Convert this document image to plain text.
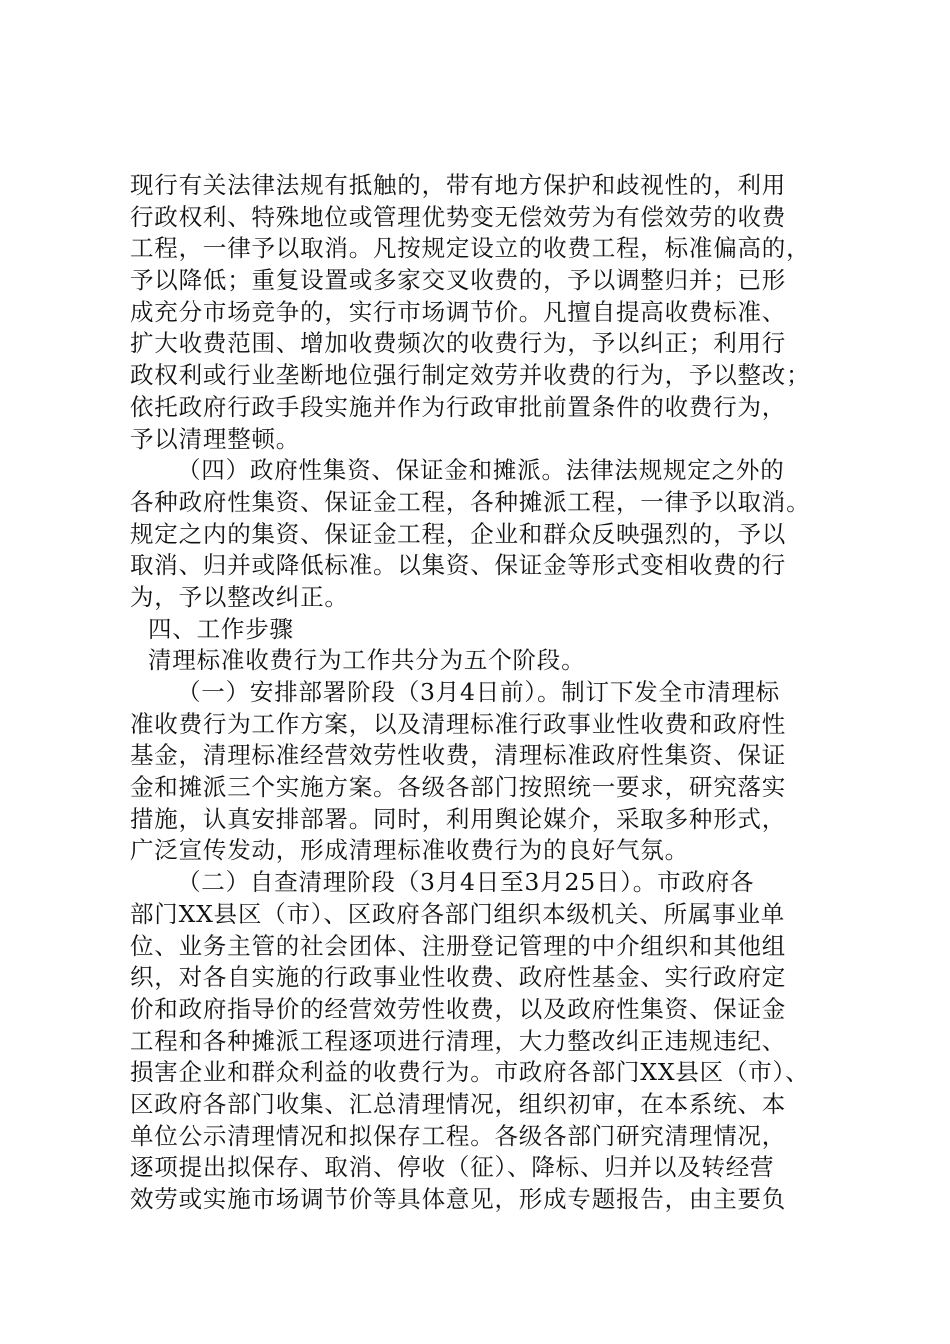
现行有关法律法规有抵触的，带有地方保护和歧视性的，利用
行政权利、特殊地位或管理优势变无偿效劳为有偿效劳的收费
工程，一律予以取消。凡按规定设立的收费工程，标准偏高的，
予以降低；重复设置或多家交叉收费的，予以调整归并；已形
成充分市场竞争的，实行市场调节价。凡擅自提高收费标准、
扩大收费范围、增加收费频次的收费行为，予以纠正；利用行
政权利或行业垄断地位强行制定效劳并收费的行为，予以整改；
依托政府行政手段实施并作为行政审批前置条件的收费行为，
予以清理整顿。
（四）政府性集资、保证金和摊派。法律法规规定之外的
各种政府性集资、保证金工程，各种摊派工程，一律予以取消。
规定之内的集资、保证金工程，企业和群众反映强烈的，予以
取消、归并或降低标准。以集资、保证金等形式变相收费的行
为，予以整改纠正。
四、工作步骤
清理标准收费行为工作共分为五个阶段。
（一）安排部署阶段（3月4日前）。制订下发全市清理标
准收费行为工作方案，以及清理标准行政事业性收费和政府性
基金，清理标准经营效劳性收费，清理标准政府性集资、保证
金和摊派三个实施方案。各级各部门按照统一要求，研究落实
措施，认真安排部署。同时，利用舆论媒介，采取多种形式，
广泛宣传发动，形成清理标准收费行为的良好气氛。
（二）自查清理阶段（3月4日至3月25日）。市政府各
部门XX县区（市）、区政府各部门组织本级机关、所属事业单
位、业务主管的社会团体、注册登记管理的中介组织和其他组
织，对各自实施的行政事业性收费、政府性基金、实行政府定
价和政府指导价的经营效劳性收费，以及政府性集资、保证金
工程和各种摊派工程逐项进行清理，大力整改纠正违规违纪、
损害企业和群众利益的收费行为。市政府各部门XX县区（市）、
区政府各部门收集、汇总清理情况，组织初审，在本系统、本
单位公示清理情况和拟保存工程。各级各部门研究清理情况，
逐项提出拟保存、取消、停收（征）、降标、归并以及转经营
效劳或实施市场调节价等具体意见，形成专题报告，由主要负
